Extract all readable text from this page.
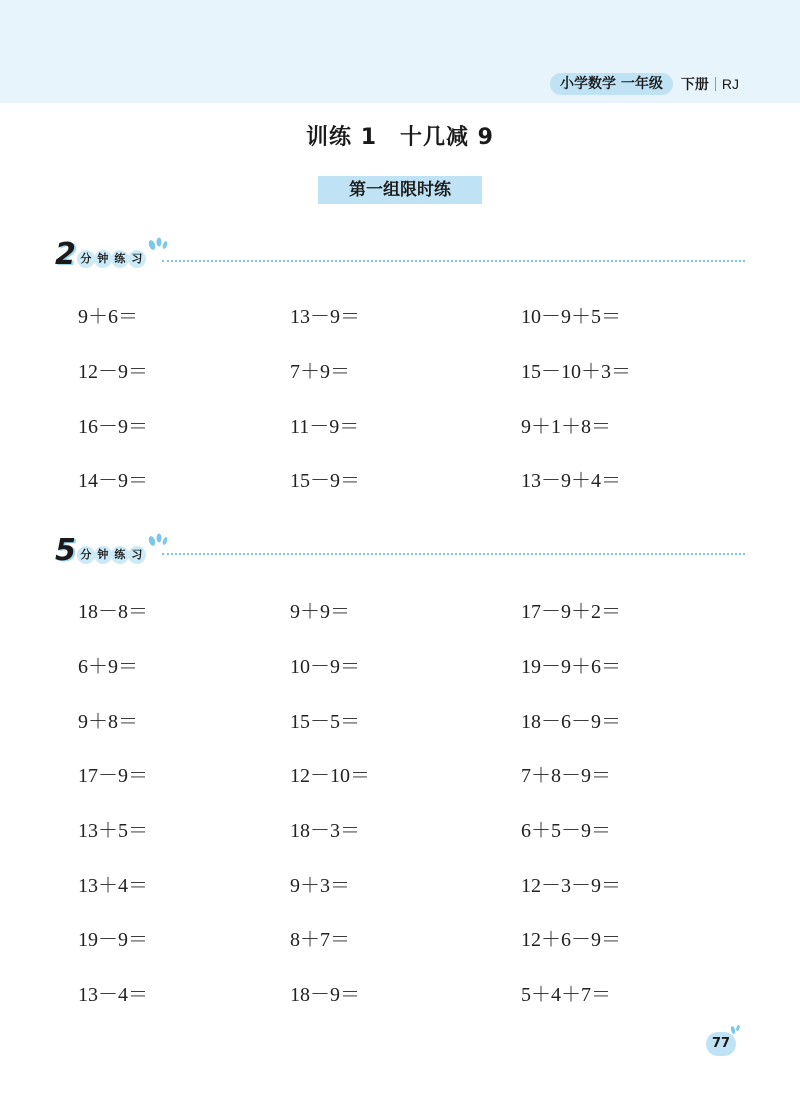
小学数学 一年级	下册 RJ
训练 1　十几减 9
第一组限时练
2 分 钟 练 习
5 分 钟 练 习
9＋6＝	13－9＝	10－9＋5＝
12－9＝	7＋9＝	15－10＋3＝
16－9＝	11－9＝	9＋1＋8＝
14－9＝	15－9＝	13－9＋4＝
18－8＝	9＋9＝	17－9＋2＝
6＋9＝	10－9＝	19－9＋6＝
9＋8＝	15－5＝	18－6－9＝
17－9＝	12－10＝	7＋8－9＝
13＋5＝	18－3＝	6＋5－9＝
13＋4＝	9＋3＝	12－3－9＝
19－9＝	8＋7＝	12＋6－9＝
13－4＝	18－9＝	5＋4＋7＝
77
